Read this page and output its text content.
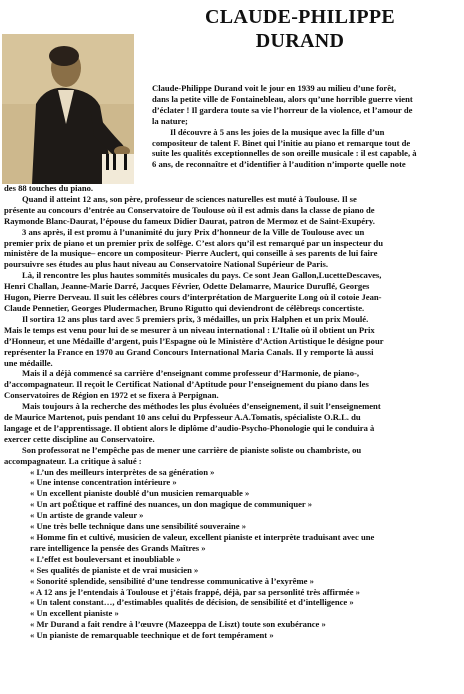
CLAUDE-PHILIPPE
DURAND
Claude-Philippe Durand voit le jour en 1939 au milieu d’une forêt,
dans la petite ville de Fontainebleau, alors qu’une horrible guerre vient
d’éclater ! Il gardera toute sa vie l’horreur de la violence, et l’amour de
la nature;
Il découvre à 5 ans les joies de la musique avec la fille d’un
compositeur de talent F. Binet qui l’initie au piano et remarque tout de
suite les qualités exceptionnelles de son oreille musicale : il est capable, à
6 ans, de reconnaître et d’identifier à l’audition n’importe quelle note
des 88 touches du piano.
Quand il atteint 12 ans, son père, professeur de sciences naturelles est muté à Toulouse. Il se
présente au concours d’entrée au Conservatoire de Toulouse où il est admis dans la classe de piano de
Raymonde Blanc-Daurat, l’épouse du fameux Didier Daurat, patron de Mermoz et de Saint-Exupéry.
3 ans après, il est promu à l’unanimité du jury Prix d’honneur de la Ville de Toulouse avec un
premier prix de piano et un premier prix de solfège. C’est alors qu’il est remarqué par un inspecteur du
ministère de la musique– encore un compositeur- Pierre Auclert, qui conseille à ses parents de lui faire
poursuivre ses études au plus haut niveau au Conservatoire National Supérieur de Paris.
Là, il rencontre les plus hautes sommités musicales du pays. Ce sont Jean Gallon,LucetteDescaves,
Henri Challan, Jeanne-Marie Darré, Jacques Février, Odette Delamarre, Maurice Duruflé, Georges
Hugon, Pierre Derveau. Il suit les célèbres cours d’interprétation de Marguerite Long où il cotoie Jean-
Claude Pennetier, Georges Pludermacher, Bruno Rigutto qui deviendront de célèbreqs concertiste.
Il sortira 12 ans plus tard avec 5 premiers prix, 3 médailles, un prix Halphen et un prix Moulé.
Mais le temps est venu pour lui de se mesurer à un niveau international : L’Italie où il obtient un Prix
d’Honneur, et une Médaille d’argent, puis l’Espagne où le Ministère d’Action Artistique le désigne pour
représenter la France en 1970 au Grand Concours International Maria Canals. Il y remporte là aussi
une médaille.
Mais il a déjà commencé sa carrière d’enseignant comme professeur d’Harmonie, de piano-,
d’accompagnateur. Il reçoit le Certificat National d’Aptitude pour l’enseignement du piano dans les
Conservatoires de Région en 1972 et se fixera à Perpignan.
Mais toujours à la recherche des méthodes les plus évoluées d’enseignement, il suit l’enseignement
de Maurice Martenot, puis pendant 10 ans celui du Prpfesseur A.A.Tomatis, spécialiste O.R.L. du
langage et de l’apprentissage. Il obtient alors le diplôme d’audio-Psycho-Phonologie qui le conduira à
exercer cette discipline au Conservatoire.
Son professorat ne l’empêche pas de mener une carrière de pianiste soliste ou chambriste, ou
accompagnateur. La critique à salué :
« L’un des meilleurs interprètes de sa génération »
« Une intense concentration intérieure »
« Un excellent pianiste doublé d’un musicien remarquable »
« Un art poÉtique et raffiné des nuances, un don magique de communiquer »
« Un artiste de grande valeur »
« Une très belle technique dans une sensibilité souveraine »
« Homme fin et cultivé, musicien de valeur, excellent pianiste et interprète traduisant avec une
rare intelligence la pensée des Grands Maîtres »
« L’effet est bouleversant et inoubliable »
« Ses qualités de pianiste et de vrai musicien »
« Sonorité splendide, sensibilité d’une tendresse communicative à l’exyrême »
« A 12 ans je l’entendais à Toulouse et j’étais frappé, déjà, par sa personlité très affirmée »
« Un talent constant…, d’estimables qualités de décision, de sensibilité et d’intelligence »
« Un excellent pianiste »
« Mr Durand a fait rendre à l’œuvre (Mazeeppa de Liszt) toute son exubérance »
« Un pianiste de remarquable teechnique et de fort tempérament »
